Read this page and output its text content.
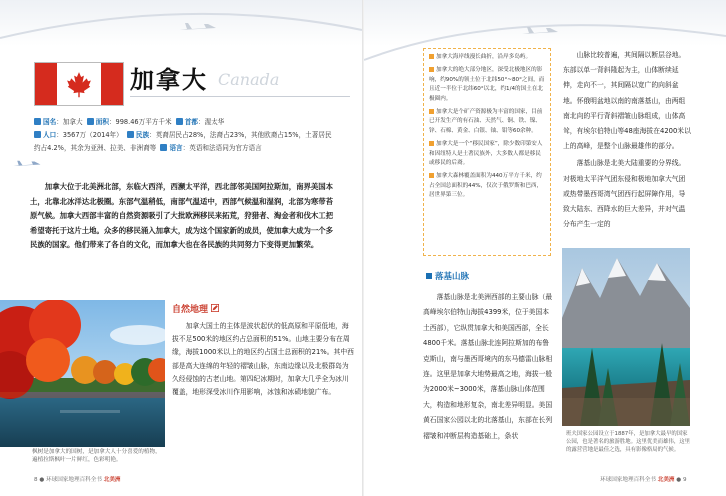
加拿大 Canada
国名：加拿大 面积：998.46万平方千米 首都：渥太华
人口：3567万（2014年） 民族：英裔居民占28%，法裔占23%，其他欧裔占15%，土著居民约占4.2%，其余为亚洲、拉美、非洲裔等 语言：英语和法语同为官方语言
加拿大位于北美洲北部，东临大西洋，西濒太平洋，西北部邻美国阿拉斯加，南界美国本土，北靠北冰洋达北极圈。东部气温稍低，南部气温适中，西部气候温和湿润，北部为寒带苔原气候。加拿大西部丰富的自然资源吸引了大批欧洲移民来拓荒，狩猎者、淘金者和伐木工把希望寄托于这片土地。众多的移民涌入加拿大，成为这个国家新的成员，使加拿大成为一个多民族的国家。他们带来了各自的文化，而加拿大也在各民族的共同努力下变得更加繁荣。
枫树是加拿大的国树，是加拿大人十分喜爱的植物，遍植拉斯枫叶一片鲜红，色彩明艳。
自然地理
加拿大国土的主体是波状起伏的低高原和平原低地，海拔不足500米的地区约占总面积的51%。山地主要分布在周缘，海拔1000米以上的地区约占国土总面积的21%。其中西部是高大连绵的年轻的褶皱山脉，东南边缘以及北极群岛为久经侵蚀的古老山地。第四纪冰期时，加拿大几乎全为冰川覆盖，地形深受冰川作用影响，冰蚀和冰碛地貌广布。
8 ● 环球国家地理百科全书 北美洲
加拿大海岸线漫长曲折，沿岸多岛屿。
加拿大的绝大部分地区，深受北极地区的影响，约90%的领土位于北纬50°~80°之间，而且近一半位于北纬60°以北，约1/4的国土在北极圈内。
加拿大是个矿产资源极为丰富的国家，目前已开发生产的有石油、天然气、铜、铁、镍、锌、石棉、黄金、白银、铀、钼等60余种。
加拿大是一个“移民国家”，除少数印第安人和因纽特人是土著民族外，大多数人都是移民或移民的后裔。
加拿大森林覆盖面积为440万平方千米，约占全国总面积的44%，仅次于俄罗斯和巴西，居世界第三位。

山脉比较普遍，其间隔以断层谷地。东部以单一背斜隆起为主，山体断续延伸，走向不一，其间隔以宽广的向斜盆地。怀俄明盆地以南的南落基山，由两组南北向的平行背斜褶皱山脉组成，山体高耸，有埃尔伯特山等48座海拔在4200米以上的高峰，是整个山脉最雄伟的部分。

落基山脉是北美大陆重要的分界线。对极地太平洋气团东侵和极地加拿大气团或热带墨西哥湾气团西行起屏障作用，导致大陆东、西降水的巨大差异，并对气温分布产生一定的

落基山脉
落基山脉是北美洲西部的主要山脉（最高峰埃尔伯特山海拔4399米，位于美国本土西部），它纵贯加拿大和美国西部，全长4800千米。落基山脉北连阿拉斯加的布鲁克斯山，南与墨西哥境内的东马德雷山脉相连。这里是加拿大地势最高之地，海拔一般为2000米~3000米，落基山脉山体范围大，构造和地形复杂，南北差异明显。美国黄石国家公园以北的北落基山，东部在长列褶皱和冲断层构造基础上，条状	班夫国家公园设立于1887年，是加拿大最早的国家公园，也是著名的旅游胜地。这里优美而雄伟，这里的露营营地是最佳之选，具有影像格局的气候。
环球国家地理百科全书 北美洲 ● 9
